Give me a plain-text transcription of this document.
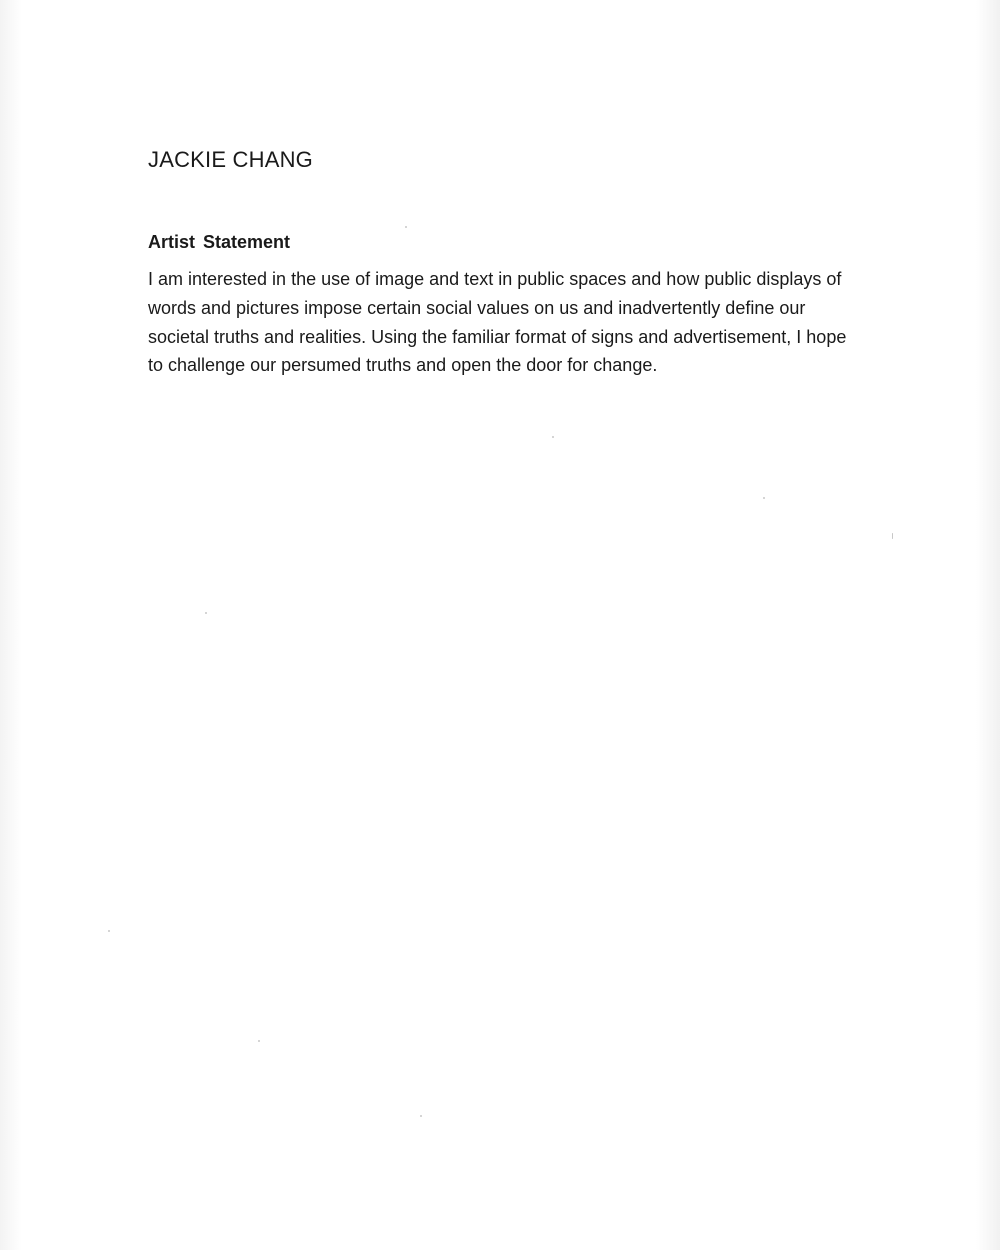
JACKIE CHANG
Artist Statement

I am interested in the use of image and text in public spaces and how public displays of words and pictures impose certain social values on us and inadvertently define our societal truths and realities. Using the familiar format of signs and advertisement, I hope to challenge our persumed truths and open the door for change.
